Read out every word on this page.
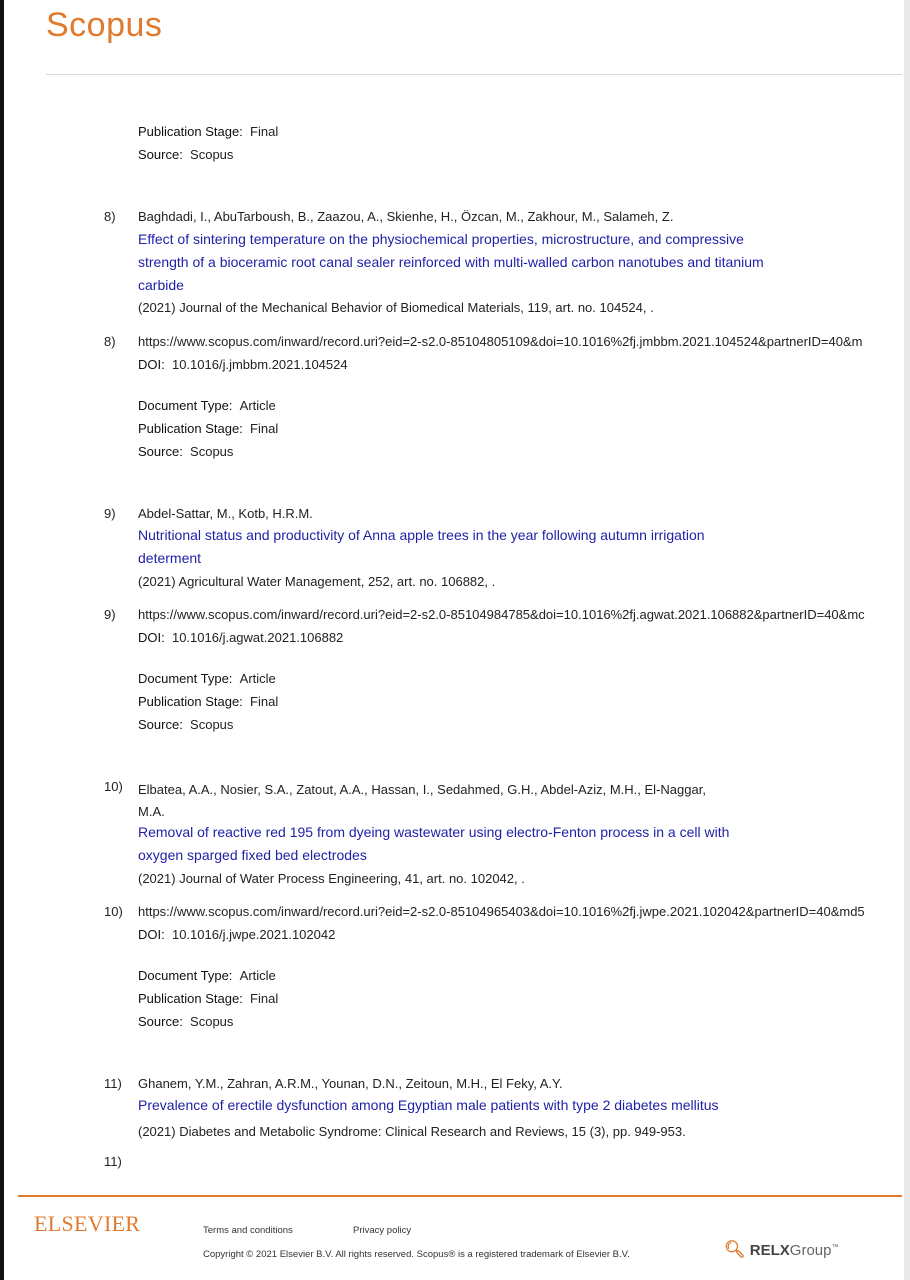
Scopus
Publication Stage: Final
Source: Scopus
8) Baghdadi, I., AbuTarboush, B., Zaazou, A., Skienhe, H., Özcan, M., Zakhour, M., Salameh, Z.
Effect of sintering temperature on the physiochemical properties, microstructure, and compressive
strength of a bioceramic root canal sealer reinforced with multi-walled carbon nanotubes and titanium
carbide
(2021) Journal of the Mechanical Behavior of Biomedical Materials, 119, art. no. 104524, .
8) https://www.scopus.com/inward/record.uri?eid=2-s2.0-85104805109&doi=10.1016%2fj.jmbbm.2021.104524&partnerID=40&m
DOI: 10.1016/j.jmbbm.2021.104524
Document Type: Article
Publication Stage: Final
Source: Scopus
9) Abdel-Sattar, M., Kotb, H.R.M.
Nutritional status and productivity of Anna apple trees in the year following autumn irrigation
determent
(2021) Agricultural Water Management, 252, art. no. 106882, .
9) https://www.scopus.com/inward/record.uri?eid=2-s2.0-85104984785&doi=10.1016%2fj.agwat.2021.106882&partnerID=40&mc
DOI: 10.1016/j.agwat.2021.106882
Document Type: Article
Publication Stage: Final
Source: Scopus
10) Elbatea, A.A., Nosier, S.A., Zatout, A.A., Hassan, I., Sedahmed, G.H., Abdel-Aziz, M.H., El-Naggar,
M.A.
Removal of reactive red 195 from dyeing wastewater using electro-Fenton process in a cell with
oxygen sparged fixed bed electrodes
(2021) Journal of Water Process Engineering, 41, art. no. 102042, .
10) https://www.scopus.com/inward/record.uri?eid=2-s2.0-85104965403&doi=10.1016%2fj.jwpe.2021.102042&partnerID=40&md5
DOI: 10.1016/j.jwpe.2021.102042
Document Type: Article
Publication Stage: Final
Source: Scopus
11) Ghanem, Y.M., Zahran, A.R.M., Younan, D.N., Zeitoun, M.H., El Feky, A.Y.
Prevalence of erectile dysfunction among Egyptian male patients with type 2 diabetes mellitus
(2021) Diabetes and Metabolic Syndrome: Clinical Research and Reviews, 15 (3), pp. 949-953.
11)
ELSEVIER	Terms and conditions	Privacy policy
Copyright © 2021 Elsevier B.V. All rights reserved. Scopus® is a registered trademark of Elsevier B.V.	🔍︎ RELXGroup™
